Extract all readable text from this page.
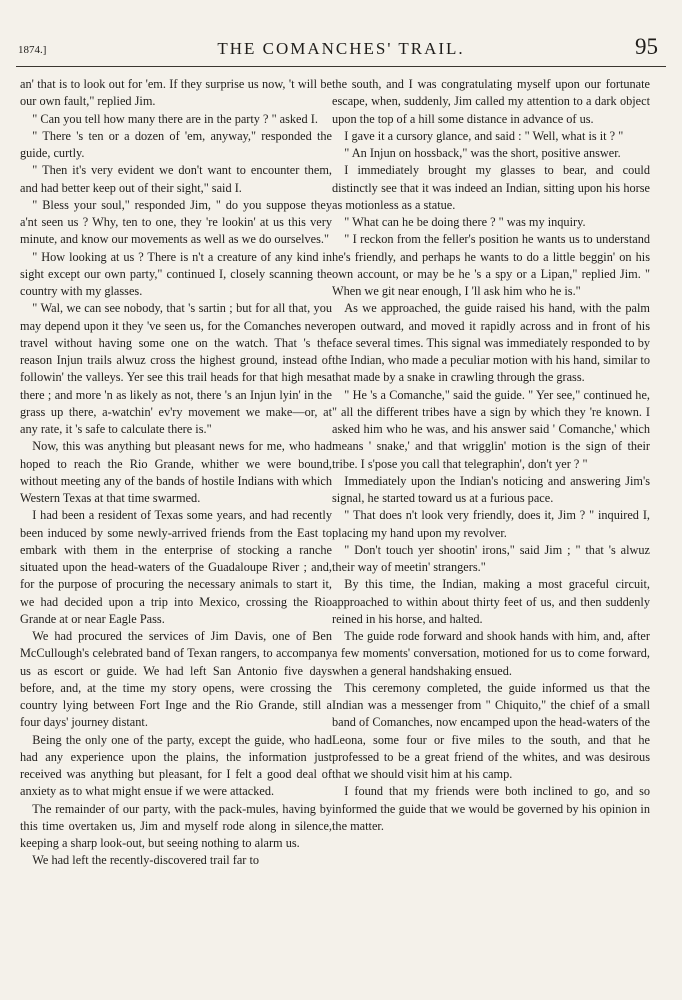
1874.]	THE COMANCHES' TRAIL.	95

an' that is to look out for 'em. If they surprise us now, 't will be our own fault," replied Jim.

" Can you tell how many there are in the party ? " asked I.

" There 's ten or a dozen of 'em, anyway," responded the guide, curtly.

" Then it's very evident we don't want to encounter them, and had better keep out of their sight," said I.

" Bless your soul," responded Jim, " do you suppose they a'nt seen us ? Why, ten to one, they 're lookin' at us this very minute, and know our movements as well as we do ourselves."

" How looking at us ? There is n't a creature of any kind in sight except our own party," continued I, closely scanning the country with my glasses.

" Wal, we can see nobody, that 's sartin ; but for all that, you may depend upon it they 've seen us, for the Comanches never travel without having some one on the watch. That 's the reason Injun trails alwuz cross the highest ground, instead of followin' the valleys. Yer see this trail heads for that high mesa there ; and more 'n as likely as not, there 's an Injun lyin' in the grass up there, a-watchin' ev'ry movement we make—or, at any rate, it 's safe to calculate there is."

Now, this was anything but pleasant news for me, who had hoped to reach the Rio Grande, whither we were bound, without meeting any of the bands of hostile Indians with which Western Texas at that time swarmed.

I had been a resident of Texas some years, and had recently been induced by some newly-arrived friends from the East to embark with them in the enterprise of stocking a ranche situated upon the head-waters of the Guadaloupe River ; and, for the purpose of procuring the necessary animals to start it, we had decided upon a trip into Mexico, crossing the Rio Grande at or near Eagle Pass.

We had procured the services of Jim Davis, one of Ben McCullough's celebrated band of Texan rangers, to accompany us as escort or guide. We had left San Antonio five days before, and, at the time my story opens, were crossing the country lying between Fort Inge and the Rio Grande, still a four days' journey distant.

Being the only one of the party, except the guide, who had had any experience upon the plains, the information just received was anything but pleasant, for I felt a good deal of anxiety as to what might ensue if we were attacked.

The remainder of our party, with the pack-mules, having by this time overtaken us, Jim and myself rode along in silence, keeping a sharp look-out, but seeing nothing to alarm us.

We had left the recently-discovered trail far to

the south, and I was congratulating myself upon our fortunate escape, when, suddenly, Jim called my attention to a dark object upon the top of a hill some distance in advance of us.

I gave it a cursory glance, and said : " Well, what is it ? "

" An Injun on hossback," was the short, positive answer.

I immediately brought my glasses to bear, and could distinctly see that it was indeed an Indian, sitting upon his horse as motionless as a statue.

" What can he be doing there ? " was my inquiry.

" I reckon from the feller's position he wants us to understand he's friendly, and perhaps he wants to do a little beggin' on his own account, or may be he 's a spy or a Lipan," replied Jim. " When we git near enough, I 'll ask him who he is."

As we approached, the guide raised his hand, with the palm open outward, and moved it rapidly across and in front of his face several times. This signal was immediately responded to by the Indian, who made a peculiar motion with his hand, similar to that made by a snake in crawling through the grass.

" He 's a Comanche," said the guide. " Yer see," continued he, " all the different tribes have a sign by which they 're known. I asked him who he was, and his answer said ' Comanche,' which means ' snake,' and that wrigglin' motion is the sign of their tribe. I s'pose you call that telegraphin', don't yer ? "

Immediately upon the Indian's noticing and answering Jim's signal, he started toward us at a furious pace.

" That does n't look very friendly, does it, Jim ? " inquired I, placing my hand upon my revolver.

" Don't touch yer shootin' irons," said Jim ; " that 's alwuz their way of meetin' strangers."

By this time, the Indian, making a most graceful circuit, approached to within about thirty feet of us, and then suddenly reined in his horse, and halted.

The guide rode forward and shook hands with him, and, after a few moments' conversation, motioned for us to come forward, when a general handshaking ensued.

This ceremony completed, the guide informed us that the Indian was a messenger from " Chiquito," the chief of a small band of Comanches, now encamped upon the head-waters of the Leona, some four or five miles to the south, and that he professed to be a great friend of the whites, and was desirous that we should visit him at his camp.

I found that my friends were both inclined to go, and so informed the guide that we would be governed by his opinion in the matter.
